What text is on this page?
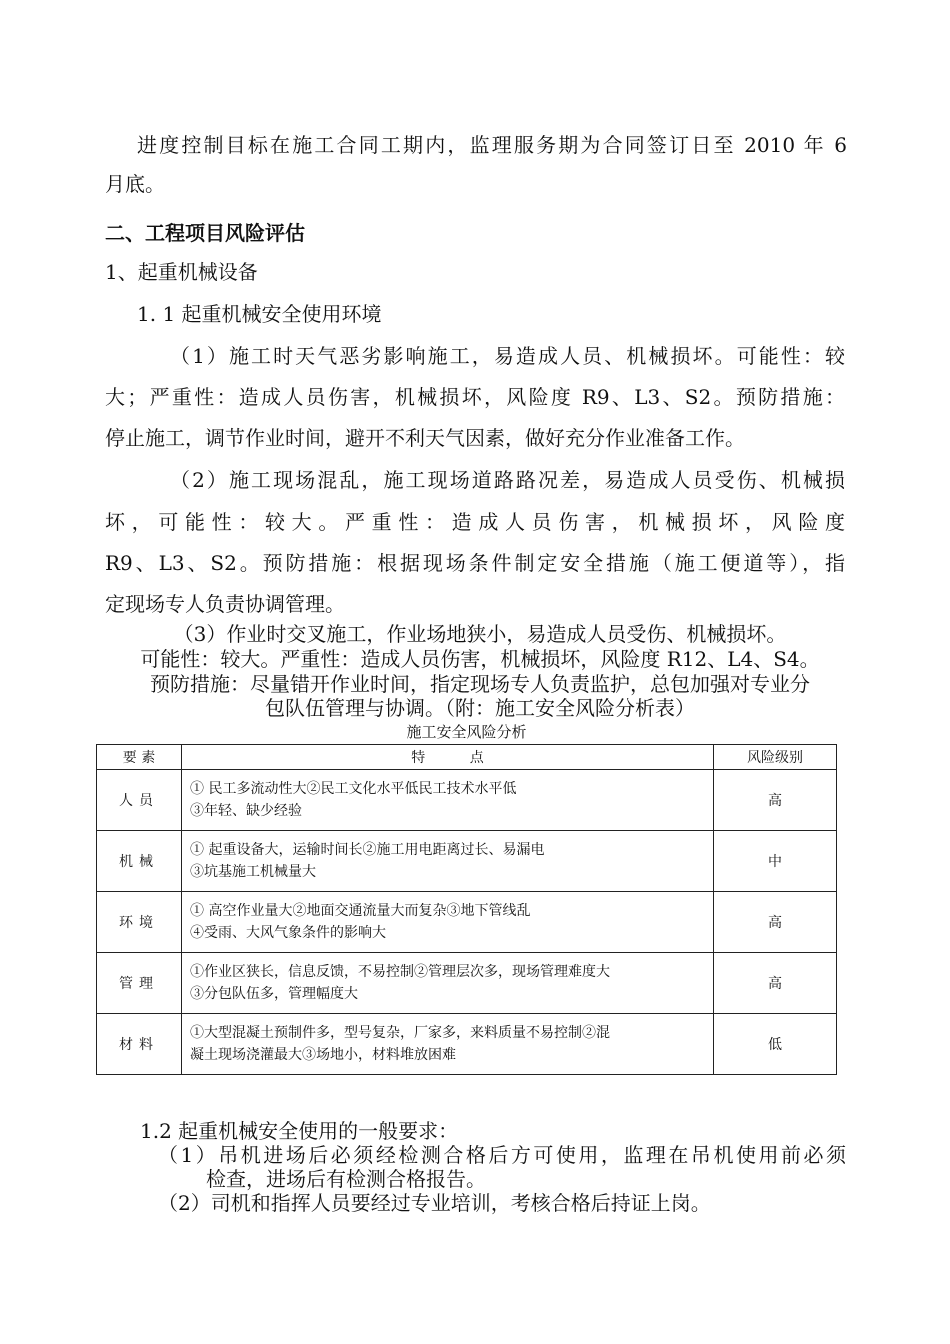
进度控制目标在施工合同工期内，监理服务期为合同签订日至 2010 年 6
月底。
二、工程项目风险评估
1、起重机械设备
1. 1 起重机械安全使用环境
（1）施工时天气恶劣影响施工，易造成人员、机械损坏。可能性：较
大；严重性：造成人员伤害，机械损坏，风险度 R9、L3、S2。预防措施：
停止施工，调节作业时间，避开不利天气因素，做好充分作业准备工作。
（2）施工现场混乱，施工现场道路路况差，易造成人员受伤、机械损
坏，可能性：较大。严重性：造成人员伤害，机械损坏，风险度
R9、L3、S2。预防措施：根据现场条件制定安全措施（施工便道等），指
定现场专人负责协调管理。
（3）作业时交叉施工，作业场地狭小，易造成人员受伤、机械损坏。
可能性：较大。严重性：造成人员伤害，机械损坏，风险度 R12、L4、S4。
预防措施：尽量错开作业时间，指定现场专人负责监护，总包加强对专业分
包队伍管理与协调。（附：施工安全风险分析表）
施工安全风险分析
要 素	特          点	风险级别
人员	① 民工多流动性大②民工文化水平低民工技术水平低
③年轻、缺少经验	高
机械	① 起重设备大，运输时间长②施工用电距离过长、易漏电
③坑基施工机械量大	中
环境	① 高空作业量大②地面交通流量大而复杂③地下管线乱
④受雨、大风气象条件的影响大	高
管理	①作业区狭长，信息反馈，不易控制②管理层次多，现场管理难度大
③分包队伍多，管理幅度大	高
材料	①大型混凝土预制件多，型号复杂，厂家多，来料质量不易控制②混
凝土现场浇灌最大③场地小，材料堆放困难	低
1.2 起重机械安全使用的一般要求：
（1）吊机进场后必须经检测合格后方可使用，监理在吊机使用前必须
检查，进场后有检测合格报告。
（2）司机和指挥人员要经过专业培训，考核合格后持证上岗。
